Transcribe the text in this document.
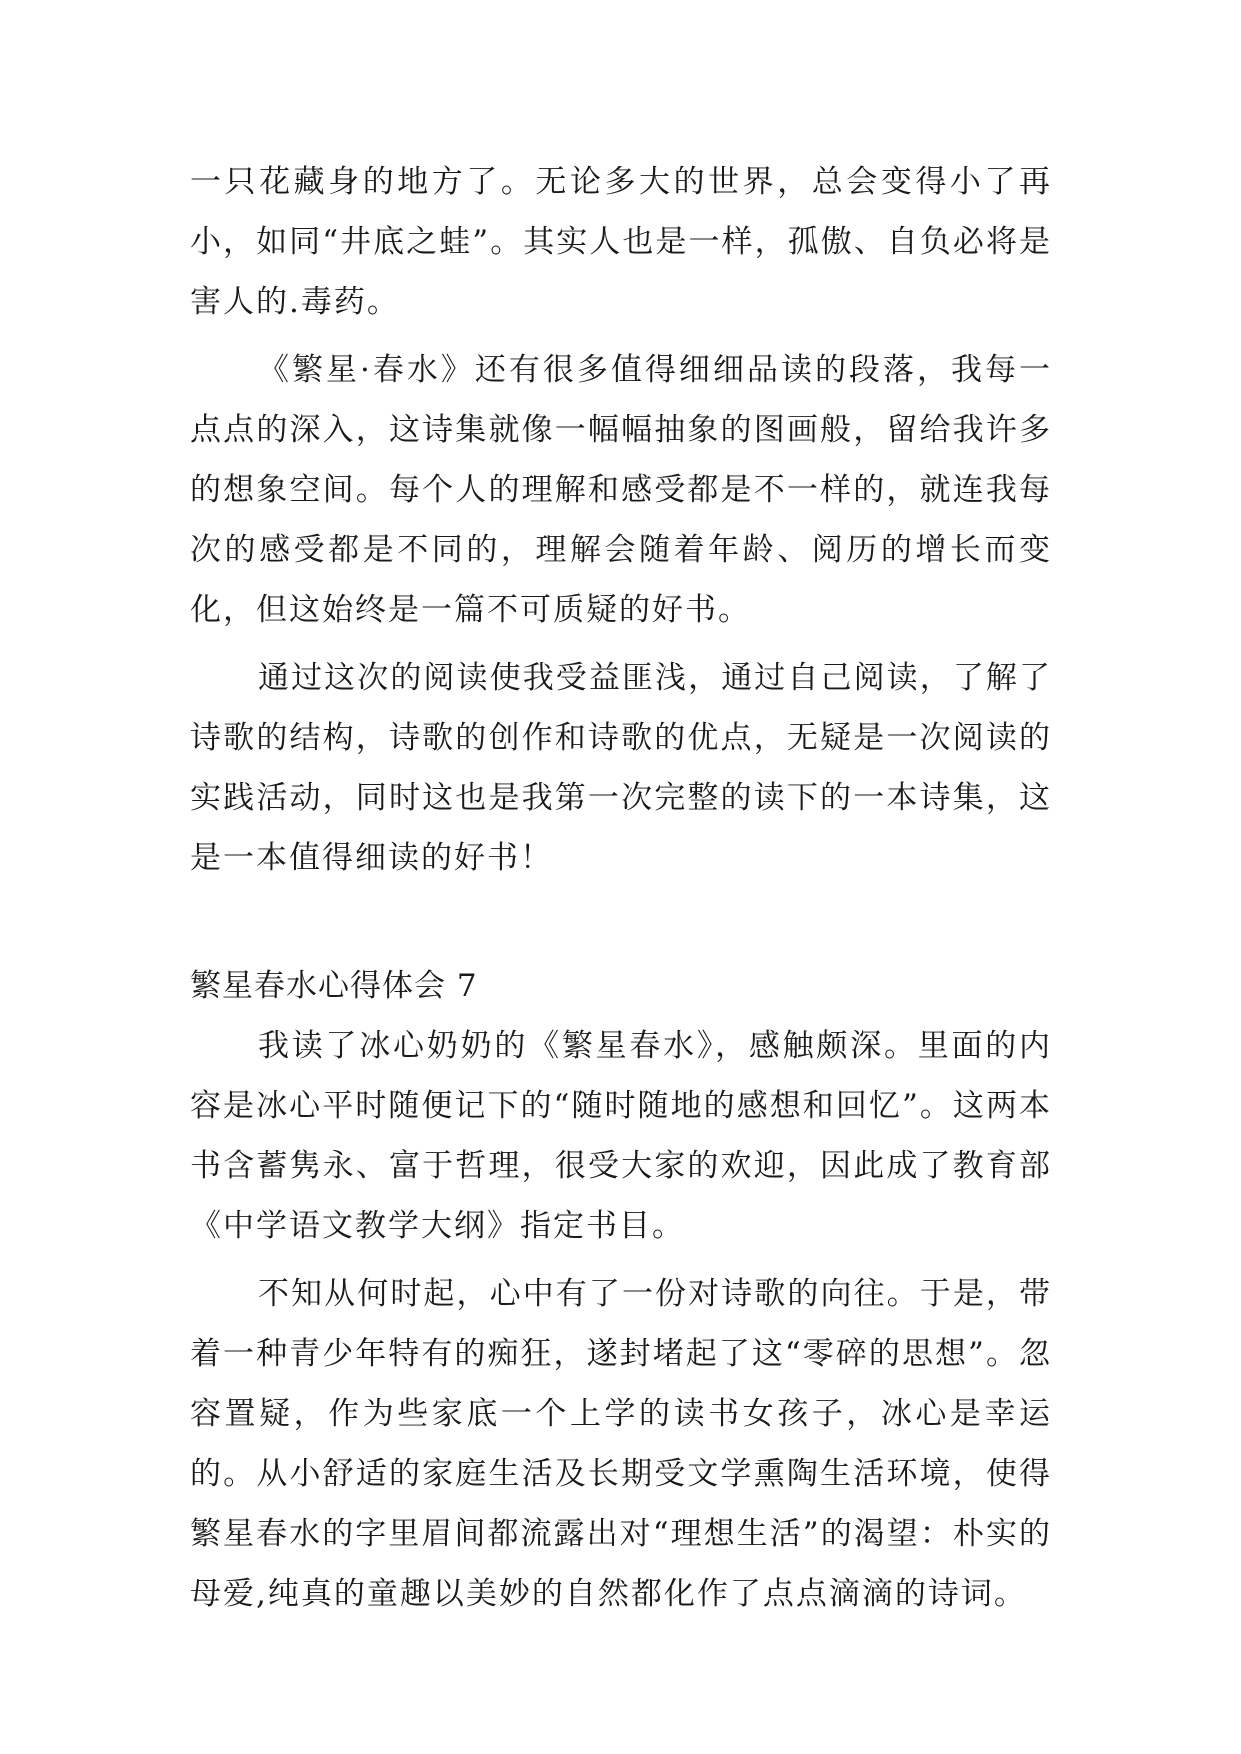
一只花藏身的地方了。无论多大的世界，总会变得小了再小，如同“井底之蛙”。其实人也是一样，孤傲、自负必将是害人的.毒药。

《繁星·春水》还有很多值得细细品读的段落，我每一点点的深入，这诗集就像一幅幅抽象的图画般，留给我许多的想象空间。每个人的理解和感受都是不一样的，就连我每次的感受都是不同的，理解会随着年龄、阅历的增长而变化，但这始终是一篇不可质疑的好书。

通过这次的阅读使我受益匪浅，通过自己阅读，了解了诗歌的结构，诗歌的创作和诗歌的优点，无疑是一次阅读的实践活动，同时这也是我第一次完整的读下的一本诗集，这是一本值得细读的好书！

繁星春水心得体会 7

我读了冰心奶奶的《繁星春水》，感触颇深。里面的内容是冰心平时随便记下的“随时随地的感想和回忆”。这两本书含蓄隽永、富于哲理，很受大家的欢迎，因此成了教育部《中学语文教学大纲》指定书目。

不知从何时起，心中有了一份对诗歌的向往。于是，带着一种青少年特有的痴狂，遂封堵起了这“零碎的思想”。忽容置疑，作为些家底一个上学的读书女孩子，冰心是幸运的。从小舒适的家庭生活及长期受文学熏陶生活环境，使得繁星春水的字里眉间都流露出对“理想生活”的渴望：朴实的母爱,纯真的童趣以美妙的自然都化作了点点滴滴的诗词。
